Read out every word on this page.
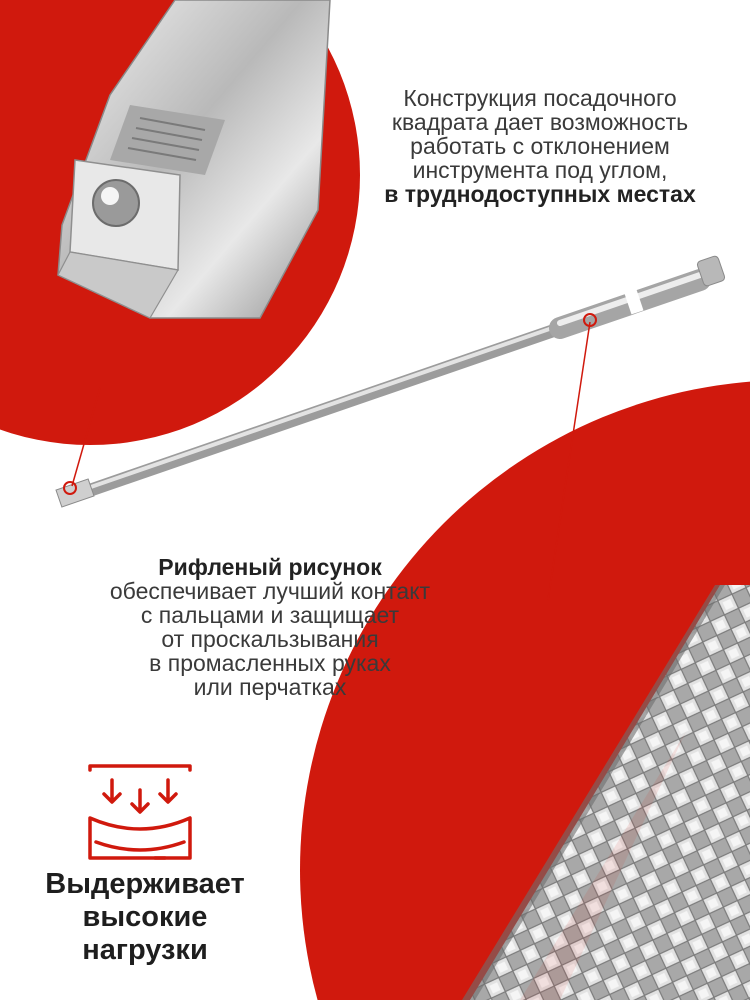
Конструкция посадочного
квадрата дает возможность
работать с отклонением
инструмента под углом,
в труднодоступных местах
Рифленый рисунок
обеспечивает лучший контакт
с пальцами и защищает
от проскальзывания
в промасленных руках
или перчатках
Выдерживает
высокие
нагрузки
